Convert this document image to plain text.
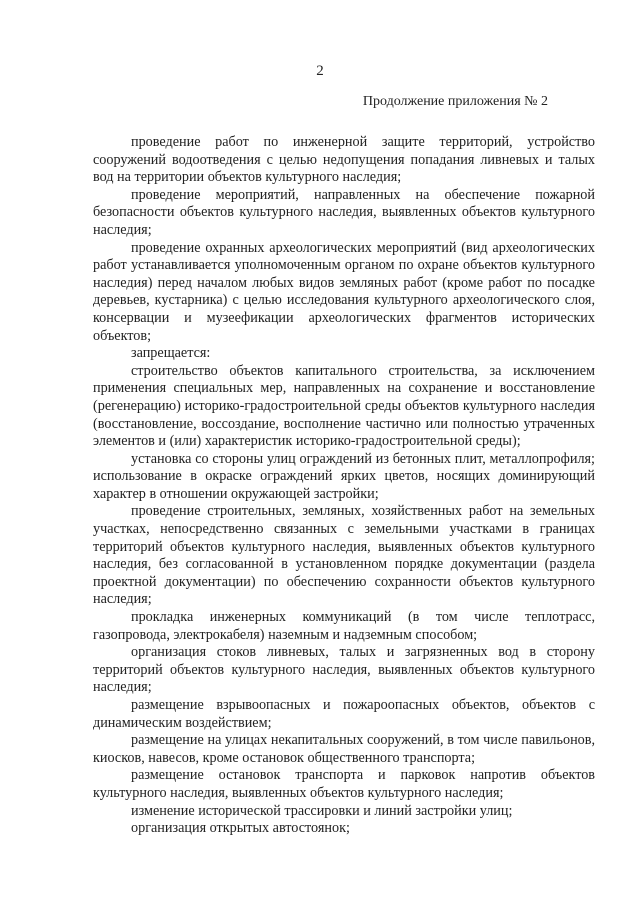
2
Продолжение приложения № 2

проведение работ по инженерной защите территорий, устройство сооружений водоотведения с целью недопущения попадания ливневых и талых вод на территории объектов культурного наследия;

проведение мероприятий, направленных на обеспечение пожарной безопасности объектов культурного наследия, выявленных объектов культурного наследия;

проведение охранных археологических мероприятий (вид археологических работ устанавливается уполномоченным органом по охране объектов культурного наследия) перед началом любых видов земляных работ (кроме работ по посадке деревьев, кустарника) с целью исследования культурного археологического слоя, консервации и музеефикации археологических фрагментов исторических объектов;

запрещается:

строительство объектов капитального строительства, за исключением применения специальных мер, направленных на сохранение и восстановление (регенерацию) историко-градостроительной среды объектов культурного наследия (восстановление, воссоздание, восполнение частично или полностью утраченных элементов и (или) характеристик историко-градостроительной среды);

установка со стороны улиц ограждений из бетонных плит, металлопрофиля; использование в окраске ограждений ярких цветов, носящих доминирующий характер в отношении окружающей застройки;

проведение строительных, земляных, хозяйственных работ на земельных участках, непосредственно связанных с земельными участками в границах территорий объектов культурного наследия, выявленных объектов культурного наследия, без согласованной в установленном порядке документации (раздела проектной документации) по обеспечению сохранности объектов культурного наследия;

прокладка инженерных коммуникаций (в том числе теплотрасс, газопровода, электрокабеля) наземным и надземным способом;

организация стоков ливневых, талых и загрязненных вод в сторону территорий объектов культурного наследия, выявленных объектов культурного наследия;

размещение взрывоопасных и пожароопасных объектов, объектов с динамическим воздействием;

размещение на улицах некапитальных сооружений, в том числе павильонов, киосков, навесов, кроме остановок общественного транспорта;

размещение остановок транспорта и парковок напротив объектов культурного наследия, выявленных объектов культурного наследия;

изменение исторической трассировки и линий застройки улиц;

организация открытых автостоянок;
